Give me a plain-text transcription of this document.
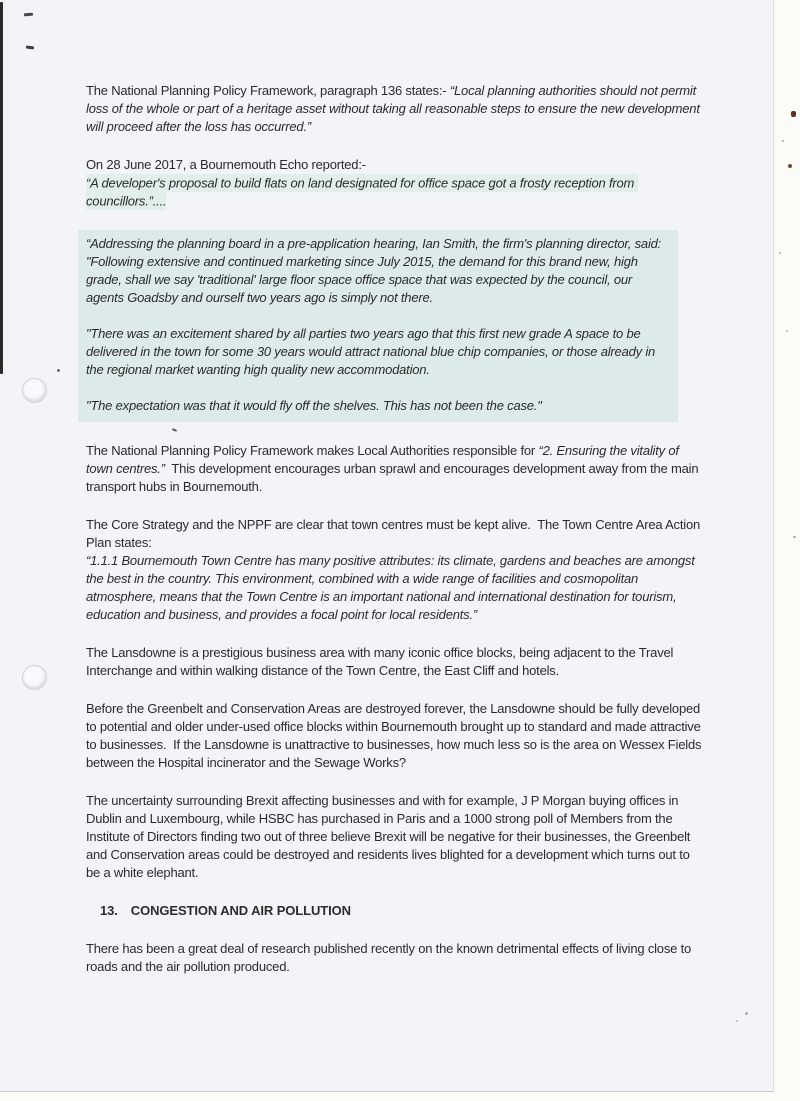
The National Planning Policy Framework, paragraph 136 states:- “Local planning authorities should not permit loss of the whole or part of a heritage asset without taking all reasonable steps to ensure the new development will proceed after the loss has occurred.”

On 28 June 2017, a Bournemouth Echo reported:-
“A developer's proposal to build flats on land designated for office space got a frosty reception from councillors.”....

“Addressing the planning board in a pre-application hearing, Ian Smith, the firm's planning director, said: "Following extensive and continued marketing since July 2015, the demand for this brand new, high grade, shall we say 'traditional' large floor space office space that was expected by the council, our agents Goadsby and ourself two years ago is simply not there.

"There was an excitement shared by all parties two years ago that this first new grade A space to be delivered in the town for some 30 years would attract national blue chip companies, or those already in the regional market wanting high quality new accommodation.

"The expectation was that it would fly off the shelves. This has not been the case."

The National Planning Policy Framework makes Local Authorities responsible for “2. Ensuring the vitality of town centres.”  This development encourages urban sprawl and encourages development away from the main transport hubs in Bournemouth.

The Core Strategy and the NPPF are clear that town centres must be kept alive.  The Town Centre Area Action Plan states:
“1.1.1 Bournemouth Town Centre has many positive attributes: its climate, gardens and beaches are amongst the best in the country. This environment, combined with a wide range of facilities and cosmopolitan atmosphere, means that the Town Centre is an important national and international destination for tourism, education and business, and provides a focal point for local residents.”

The Lansdowne is a prestigious business area with many iconic office blocks, being adjacent to the Travel Interchange and within walking distance of the Town Centre, the East Cliff and hotels.

Before the Greenbelt and Conservation Areas are destroyed forever, the Lansdowne should be fully developed to potential and older under-used office blocks within Bournemouth brought up to standard and made attractive to businesses.  If the Lansdowne is unattractive to businesses, how much less so is the area on Wessex Fields between the Hospital incinerator and the Sewage Works?

The uncertainty surrounding Brexit affecting businesses and with for example, J P Morgan buying offices in Dublin and Luxembourg, while HSBC has purchased in Paris and a 1000 strong poll of Members from the Institute of Directors finding two out of three believe Brexit will be negative for their businesses, the Greenbelt and Conservation areas could be destroyed and residents lives blighted for a development which turns out to be a white elephant.

13. CONGESTION AND AIR POLLUTION

There has been a great deal of research published recently on the known detrimental effects of living close to roads and the air pollution produced.
